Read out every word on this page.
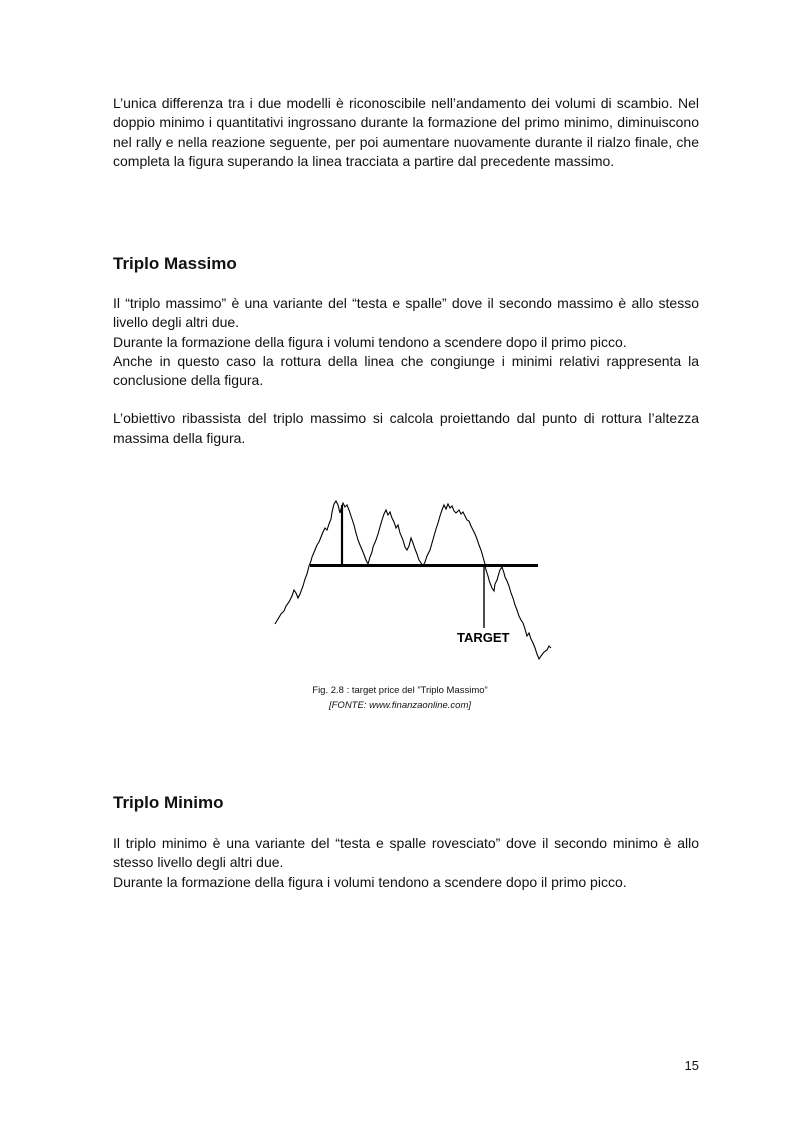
L’unica differenza tra i due modelli è riconoscibile nell’andamento dei volumi di scambio. Nel doppio minimo i quantitativi ingrossano durante la formazione del primo minimo, diminuiscono nel rally e nella reazione seguente, per poi aumentare nuovamente durante il rialzo finale, che completa la figura superando la linea tracciata a partire dal precedente massimo.

Triplo Massimo

Il “triplo massimo” è una variante del “testa e spalle” dove il secondo massimo è allo stesso livello degli altri due.

Durante la formazione della figura i volumi tendono a scendere dopo il primo picco.

Anche in questo caso la rottura della linea che congiunge i minimi relativi rappresenta la conclusione della figura.

L’obiettivo ribassista del triplo massimo si calcola proiettando dal punto di rottura l’altezza massima della figura.

TARGET
Fig. 2.8 : target price del ”Triplo Massimo”
[FONTE: www.finanzaonline.com]
Triplo Minimo

Il triplo minimo è una variante del “testa e spalle rovesciato” dove il secondo minimo è allo stesso livello degli altri due.

Durante la formazione della figura i volumi tendono a scendere dopo il primo picco.

15
